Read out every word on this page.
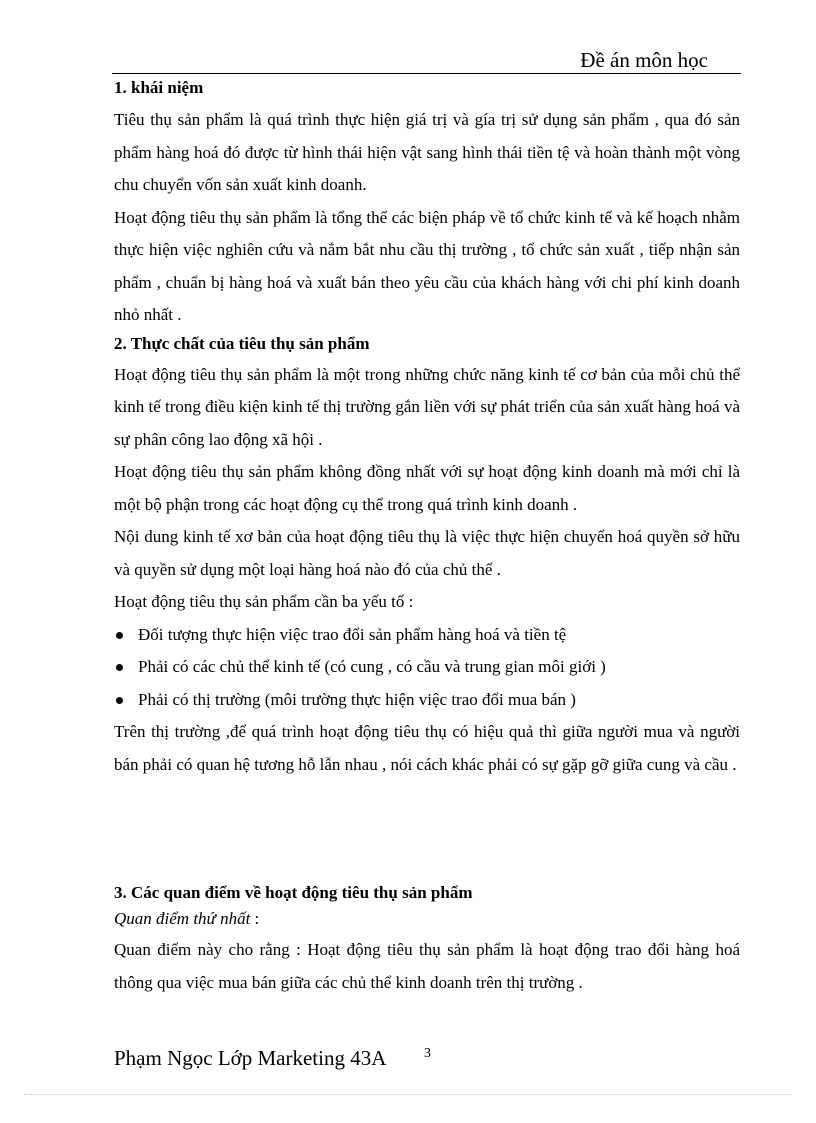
Đề án môn học
1. khái niệm

Tiêu thụ sản phẩm là quá trình thực hiện giá trị và gía trị sử dụng sản phẩm , qua đó sản phẩm hàng hoá đó được từ hình thái hiện vật sang hình thái tiền tệ và hoàn thành một vòng chu chuyển vốn sản xuất kinh doanh.

Hoạt động tiêu thụ sản phẩm là tổng thể các biện pháp về tổ chức kinh tế và kế hoạch nhằm thực hiện việc nghiên cứu và nắm bắt nhu cầu thị trường , tổ chức sản xuất , tiếp nhận sản phẩm , chuẩn bị hàng hoá và xuất bán theo yêu cầu của khách hàng với chi phí kinh doanh nhỏ nhất .

2. Thực chất của tiêu thụ sản phẩm

Hoạt động tiêu thụ sản phẩm là một trong những chức năng kinh tế cơ bản của mỗi chủ thể kinh tế trong điều kiện kinh tế thị trường gắn liền với sự phát triển của sản xuất hàng hoá và sự phân công lao động xã hội .

Hoạt động tiêu thụ sản phẩm không đồng nhất với sự hoạt động kinh doanh mà mới chỉ là một bộ phận trong các hoạt động cụ thể trong quá trình kinh doanh .

Nội dung kinh tế xơ bản của hoạt động tiêu thụ là việc thực hiện chuyển hoá quyền sở hữu và quyền sử dụng một loại hàng hoá nào đó của chủ thể .

Hoạt động tiêu thụ sản phẩm cần ba yếu tố :

Đối tượng thực hiện việc trao đổi sản phẩm hàng hoá và tiền tệ
Phải có các chủ thể kinh tế (có cung , có cầu và trung gian môi giới )
Phải có thị trường (môi trường thực hiện việc trao đổi mua bán )

Trên thị trường ,để quá trình hoạt động tiêu thụ có hiệu quả thì giữa người mua và người bán phải có quan hệ tương hỗ lẫn nhau , nói cách khác phải có sự gặp gỡ giữa cung và cầu .

3. Các quan điểm về hoạt động tiêu thụ sản phẩm

Quan điểm thứ nhất :

Quan điểm này cho rằng : Hoạt động tiêu thụ sản phẩm là hoạt động trao đổi hàng hoá thông qua việc mua bán giữa các chủ thể kinh doanh trên thị trường .

Phạm Ngọc Lớp Marketing 43A	3
